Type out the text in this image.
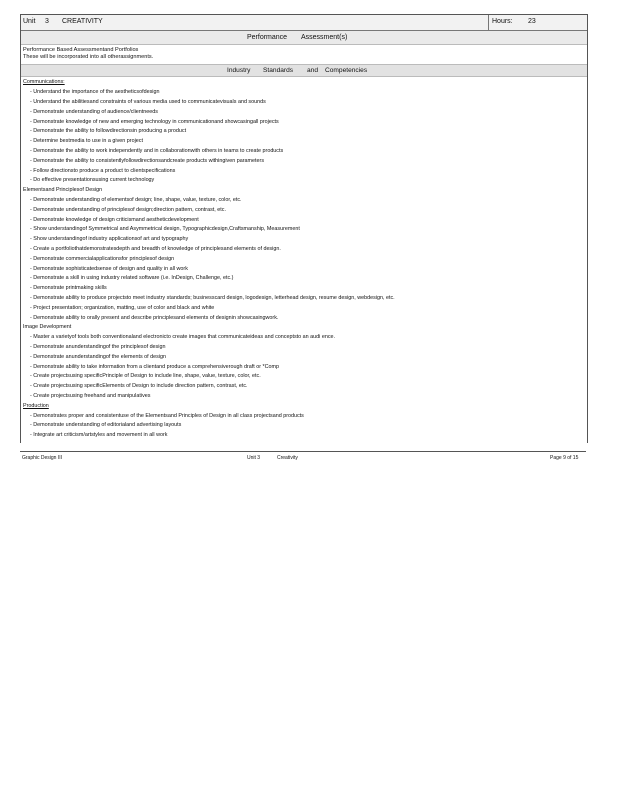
Unit 3 CREATIVITY	Hours: 23
Performance Assessment(s)
Performance Based Assessmentand Portfolios
These will be incorporated into all otherassignments.
Industry Standards and Competencies
Communications:
- Understand the importance of the aestheticsofdesign
- Understand the abilitiesand constraints of various media used to communicatevisuals and sounds
- Demonstrate understanding of audience/clientneeds
- Demonstrate knowledge of new and emerging technology in communicationand showcasingall projects
- Demonstrate the ability to followdirectionsin producing a product
- Determine bestmedia to use in a given project
- Demonstrate the ability to work independently and in collaborationwith others in teams to create products
- Demonstrate the ability to consistentlyfollowdirectionsandcreate products withingiven parameters
- Follow directionsto produce a product to clientspecifications
- Do effective presentationsusing current technology
Elementsand Principlesof Design
- Demonstrate understanding of elementsof design; line, shape, value, texture, color, etc.
- Demonstrate understanding of principlesof design;direction pattern, contrast, etc.
- Demonstrate knowledge of design criticismand aestheticdevelopment
- Show understandingof Symmetrical and Asymmetrical design, Typographicdesign,Craftsmanship, Measurement
- Show understandingof industry applicationsof art and typography
- Create a portfoliothatdemonstratesdepth and breadth of knowledge of principlesand elements of design.
- Demonstrate commercialapplicationsfor principlesof design
- Demonstrate sophisticatedsense of design and quality in all work
- Demonstrate a skill in using industry related software (i.e. InDesign, Challenge, etc.)
- Demonstrate printmaking skills
- Demonstrate ability to produce projectsto meet industry standards; businesscard design, logodesign, letterhead design, resume design, webdesign, etc.
- Project presentation; organization, matting, use of color and black and white
- Demonstrate ability to orally present and describe principlesand elements of designin showcasingwork.
Image Development
- Master a varietyof tools both conventionaland electronicto create images that communicateideas and conceptsto an audi ence.
- Demonstrate anunderstandingof the principlesof design
- Demonstrate anunderstandingof the elements of design
- Demonstrate ability to take information from a clientand produce a comprehensiverough draft or *Comp
- Create projectsusing specificPrinciple of Design to include line, shape, value, texture, color, etc.
- Create projectsusing specificElements of Design to include direction pattern, contrast, etc.
- Create projectsusing freehand and manipulatives
Production
- Demonstrates proper and consistentuse of the Elementsand Principles of Design in all class projectsand products
- Demonstrate understanding of editorialand advertising layouts
- Integrate art criticism/artstyles and movement in all work
Graphic Design III	Unit 3	Creativity	Page 9 of 15
